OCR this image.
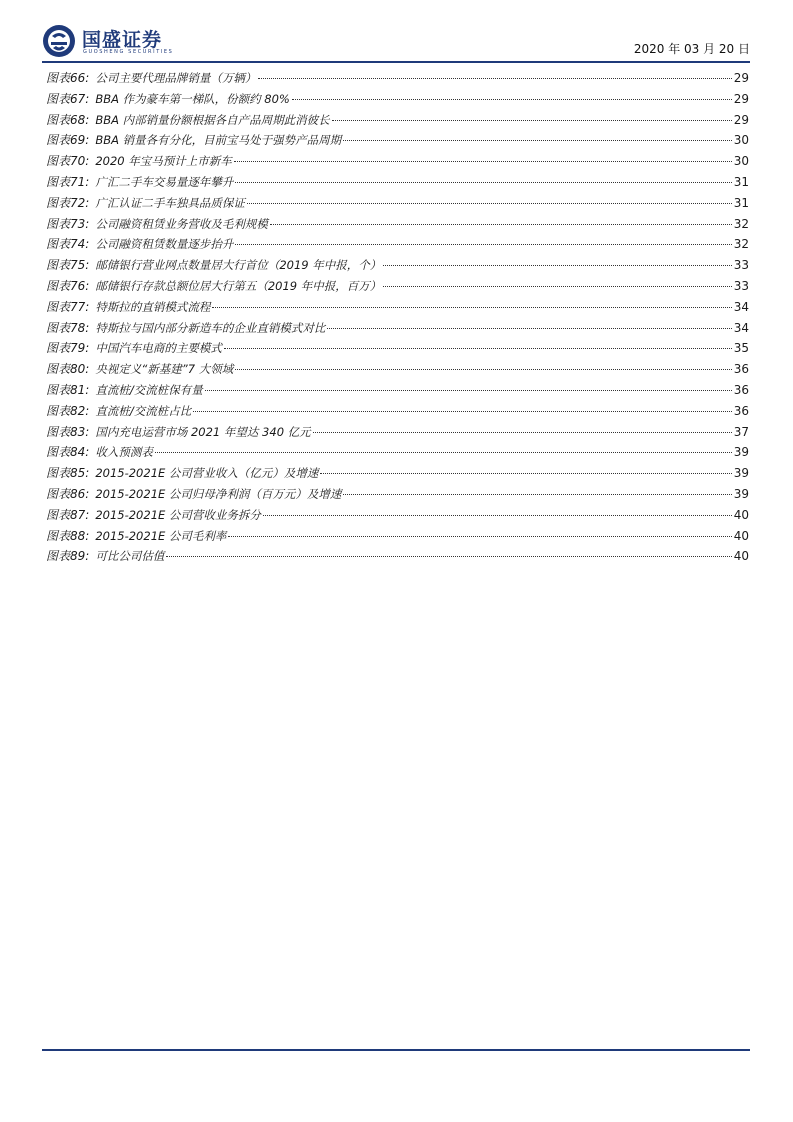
国盛证券
GUOSHENG SECURITIES	2020 年 03 月 20 日
图表 66: 公司主要代理品牌销量（万辆）	29
图表 67: BBA 作为豪车第一梯队，份额约 80%	29
图表 68: BBA 内部销量份额根据各自产品周期此消彼长	29
图表 69: BBA 销量各有分化，目前宝马处于强势产品周期	30
图表 70: 2020 年宝马预计上市新车	30
图表 71: 广汇二手车交易量逐年攀升	31
图表 72: 广汇认证二手车独具品质保证	31
图表 73: 公司融资租赁业务营收及毛利规模	32
图表 74: 公司融资租赁数量逐步抬升	32
图表 75: 邮储银行营业网点数量居大行首位（2019 年中报，个）	33
图表 76: 邮储银行存款总额位居大行第五（2019 年中报，百万）	33
图表 77: 特斯拉的直销模式流程	34
图表 78: 特斯拉与国内部分新造车的企业直销模式对比	34
图表 79: 中国汽车电商的主要模式	35
图表 80: 央视定义“新基建”7 大领域	36
图表 81: 直流桩/交流桩保有量	36
图表 82: 直流桩/交流桩占比	36
图表 83: 国内充电运营市场 2021 年望达 340 亿元	37
图表 84: 收入预测表	39
图表 85: 2015-2021E 公司营业收入（亿元）及增速	39
图表 86: 2015-2021E 公司归母净利润（百万元）及增速	39
图表 87: 2015-2021E 公司营收业务拆分	40
图表 88: 2015-2021E 公司毛利率	40
图表 89: 可比公司估值	40
